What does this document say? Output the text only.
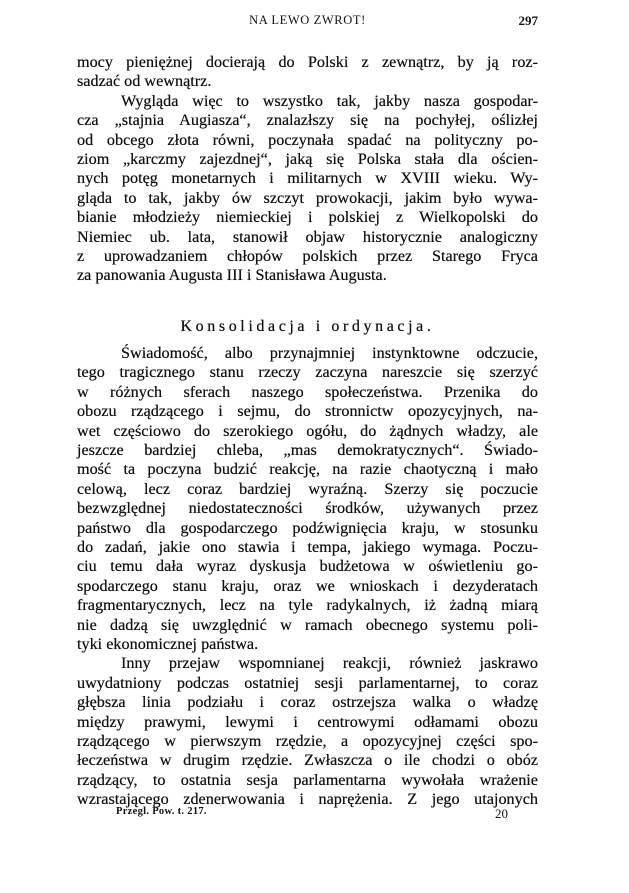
NA LEWO ZWROT!	297
mocy pieniężnej docierają do Polski z zewnątrz, by ją roz-
sadzać od wewnątrz.
Wygląda więc to wszystko tak, jakby nasza gospodar-
cza „stajnia Augiasza“, znalazłszy się na pochyłej, oślizłej
od obcego złota równi, poczynała spadać na polityczny po-
ziom „karczmy zajezdnej“, jaką się Polska stała dla ościen-
nych potęg monetarnych i militarnych w XVIII wieku. Wy-
gląda to tak, jakby ów szczyt prowokacji, jakim było wywa-
bianie młodzieży niemieckiej i polskiej z Wielkopolski do
Niemiec ub. lata, stanowił objaw historycznie analogiczny
z uprowadzaniem chłopów polskich przez Starego Fryca
za panowania Augusta III i Stanisława Augusta.
Konsolidacja i ordynacja.
Świadomość, albo przynajmniej instynktowne odczucie,
tego tragicznego stanu rzeczy zaczyna nareszcie się szerzyć
w różnych sferach naszego społeczeństwa. Przenika do
obozu rządzącego i sejmu, do stronnictw opozycyjnych, na-
wet częściowo do szerokiego ogółu, do żądnych władzy, ale
jeszcze bardziej chleba, „mas demokratycznych“. Świado-
mość ta poczyna budzić reakcję, na razie chaotyczną i mało
celową, lecz coraz bardziej wyraźną. Szerzy się poczucie
bezwzględnej niedostateczności środków, używanych przez
państwo dla gospodarczego podźwignięcia kraju, w stosunku
do zadań, jakie ono stawia i tempa, jakiego wymaga. Poczu-
ciu temu dała wyraz dyskusja budżetowa w oświetleniu go-
spodarczego stanu kraju, oraz we wnioskach i dezyderatach
fragmentarycznych, lecz na tyle radykalnych, iż żadną miarą
nie dadzą się uwzględnić w ramach obecnego systemu poli-
tyki ekonomicznej państwa.
Inny przejaw wspomnianej reakcji, również jaskrawo
uwydatniony podczas ostatniej sesji parlamentarnej, to coraz
głębsza linia podziału i coraz ostrzejsza walka o władzę
między prawymi, lewymi i centrowymi odłamami obozu
rządzącego w pierwszym rzędzie, a opozycyjnej części spo-
łeczeństwa w drugim rzędzie. Zwłaszcza o ile chodzi o obóz
rządzący, to ostatnia sesja parlamentarna wywołała wrażenie
wzrastającego zdenerwowania i naprężenia. Z jego utajonych
Przegl. Pow. t. 217.	20
